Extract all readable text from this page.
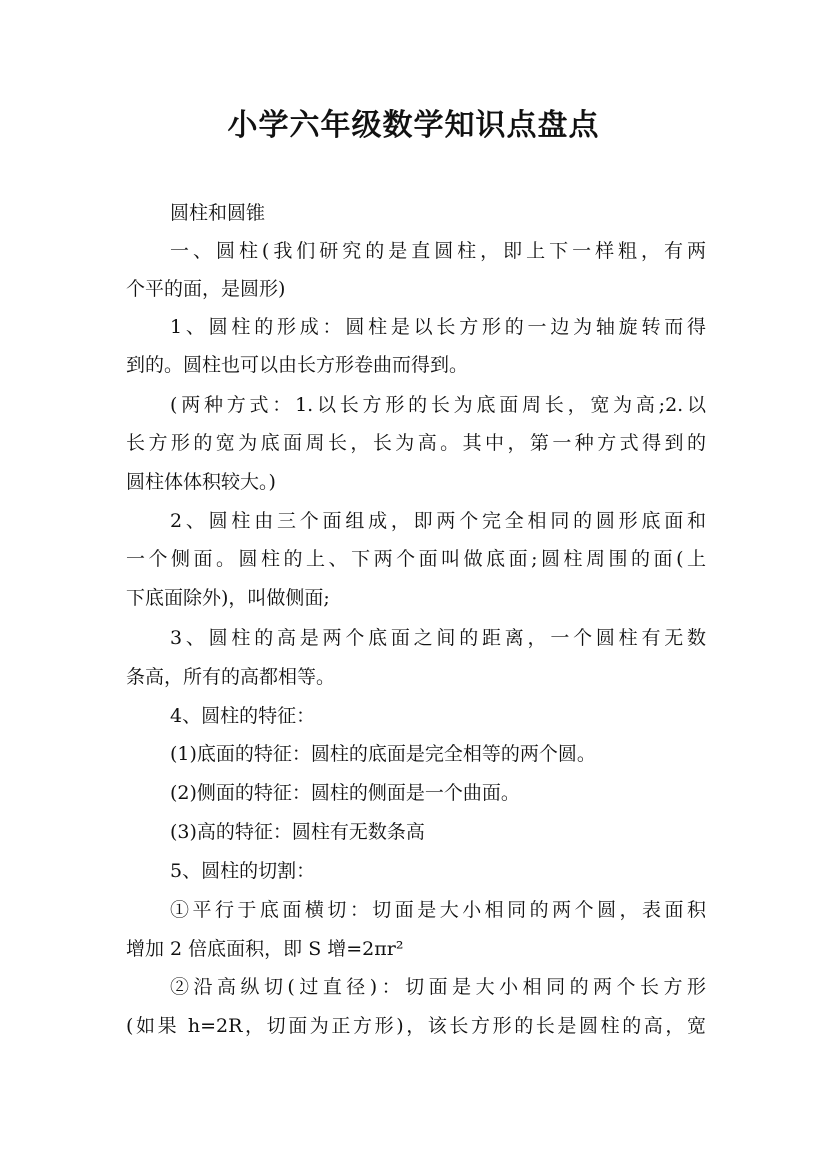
小学六年级数学知识点盘点
圆柱和圆锥
一、圆柱(我们研究的是直圆柱，即上下一样粗，有两
个平的面，是圆形)
1、圆柱的形成：圆柱是以长方形的一边为轴旋转而得
到的。圆柱也可以由长方形卷曲而得到。
(两种方式：1.以长方形的长为底面周长，宽为高;2.以
长方形的宽为底面周长，长为高。其中，第一种方式得到的
圆柱体体积较大。)
2、圆柱由三个面组成，即两个完全相同的圆形底面和
一个侧面。圆柱的上、下两个面叫做底面;圆柱周围的面(上
下底面除外)，叫做侧面;
3、圆柱的高是两个底面之间的距离，一个圆柱有无数
条高，所有的高都相等。
4、圆柱的特征：
(1)底面的特征：圆柱的底面是完全相等的两个圆。
(2)侧面的特征：圆柱的侧面是一个曲面。
(3)高的特征：圆柱有无数条高
5、圆柱的切割：
①平行于底面横切：切面是大小相同的两个圆，表面积
增加 2 倍底面积，即 S 增=2πr²
②沿高纵切(过直径)：切面是大小相同的两个长方形
(如果 h=2R，切面为正方形)，该长方形的长是圆柱的高，宽
